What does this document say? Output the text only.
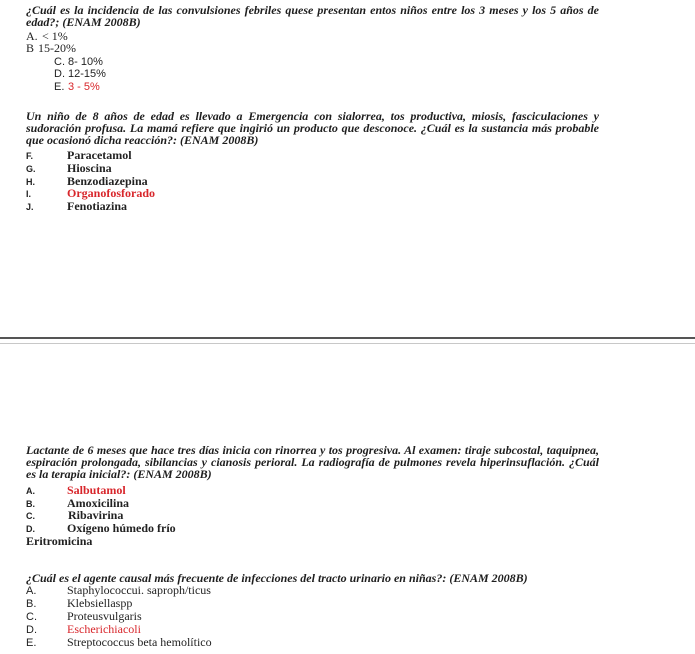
¿Cuál es la incidencia de las convulsiones febriles quese presentan entos niños entre los 3 meses y los 5 años de edad?; (ENAM 2008B)
A. < 1%
B 15-20%
C. 8- 10%
D. 12-15%
E. 3 - 5%
Un niño de 8 años de edad es llevado a Emergencia con sialorrea, tos productiva, miosis, fasciculaciones y sudoración profusa. La mamá refiere que ingirió un producto que desconoce. ¿Cuál es la sustancia más probable que ocasionó dicha reacción?: (ENAM 2008B)
F.	Paracetamol
G.	Hioscina
H.	Benzodiazepina
I.	Organofosforado
J.	Fenotiazina
Lactante de 6 meses que hace tres días inicia con rinorrea y tos progresiva. Al examen: tiraje subcostal, taquipnea, espiración prolongada, sibilancias y cianosis perioral. La radiografía de pulmones revela hiperinsuflación. ¿Cuál es la terapia inicial?: (ENAM 2008B)
A.	Salbutamol
B.	Amoxicilina
C.	Ribavirina
D.	Oxígeno húmedo frío
Eritromicina
¿Cuál es el agente causal más frecuente de infecciones del tracto urinario en niñas?: (ENAM 2008B)
A.	Staphylococcui. saproph/ticus
B.	Klebsiellaspp
C.	Proteusvulgaris
D.	Escherichiacoli
E.	Streptococcus beta hemolítico
